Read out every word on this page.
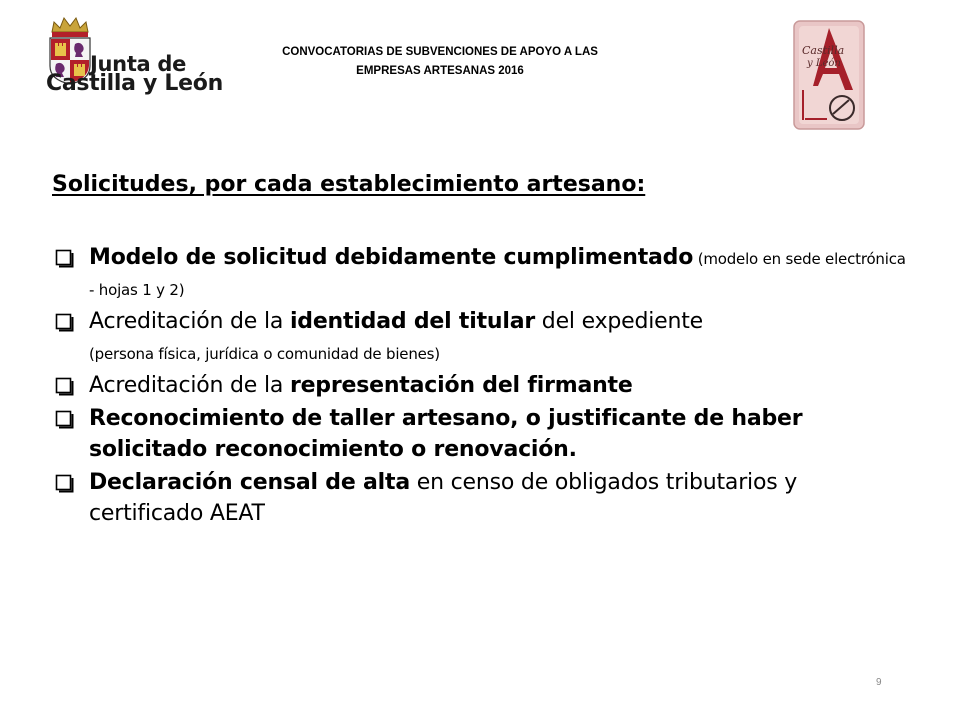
Junta de
Castilla y León
CONVOCATORIAS DE SUBVENCIONES DE APOYO A LAS
EMPRESAS ARTESANAS 2016
Castilla
y León
Solicitudes, por cada establecimiento artesano:
Modelo de solicitud debidamente cumplimentado (modelo en sede electrónica - hojas 1 y 2)
Acreditación de la identidad del titular del expediente
(persona física, jurídica o comunidad de bienes)
Acreditación de la representación del firmante
Reconocimiento de taller artesano, o justificante de haber solicitado reconocimiento o renovación.
Declaración censal de alta en censo de obligados tributarios y certificado AEAT
9
